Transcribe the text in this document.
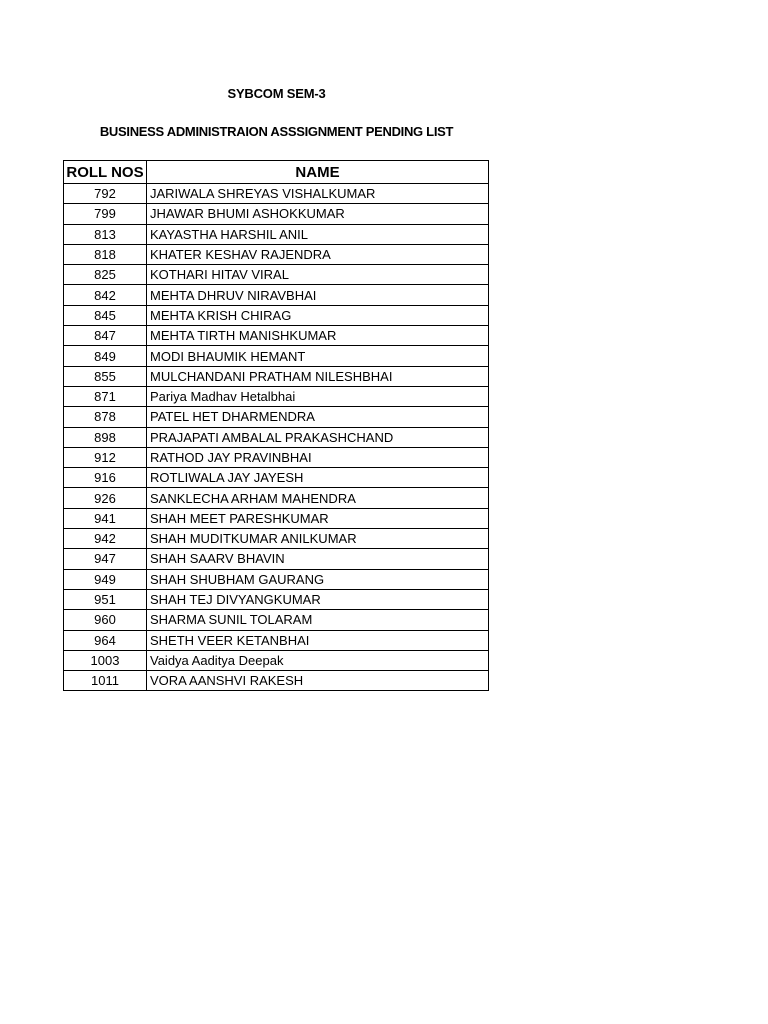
SYBCOM SEM-3
BUSINESS ADMINISTRAION ASSSIGNMENT PENDING LIST
ROLL NOS	NAME
792	JARIWALA SHREYAS VISHALKUMAR
799	JHAWAR BHUMI ASHOKKUMAR
813	KAYASTHA HARSHIL ANIL
818	KHATER KESHAV RAJENDRA
825	KOTHARI HITAV VIRAL
842	MEHTA DHRUV NIRAVBHAI
845	MEHTA KRISH CHIRAG
847	MEHTA TIRTH MANISHKUMAR
849	MODI BHAUMIK HEMANT
855	MULCHANDANI PRATHAM NILESHBHAI
871	Pariya Madhav Hetalbhai
878	PATEL HET DHARMENDRA
898	PRAJAPATI AMBALAL PRAKASHCHAND
912	RATHOD JAY PRAVINBHAI
916	ROTLIWALA JAY JAYESH
926	SANKLECHA ARHAM MAHENDRA
941	SHAH MEET PARESHKUMAR
942	SHAH MUDITKUMAR ANILKUMAR
947	SHAH SAARV BHAVIN
949	SHAH SHUBHAM GAURANG
951	SHAH TEJ DIVYANGKUMAR
960	SHARMA SUNIL TOLARAM
964	SHETH VEER KETANBHAI
1003	Vaidya Aaditya Deepak
1011	VORA AANSHVI RAKESH
